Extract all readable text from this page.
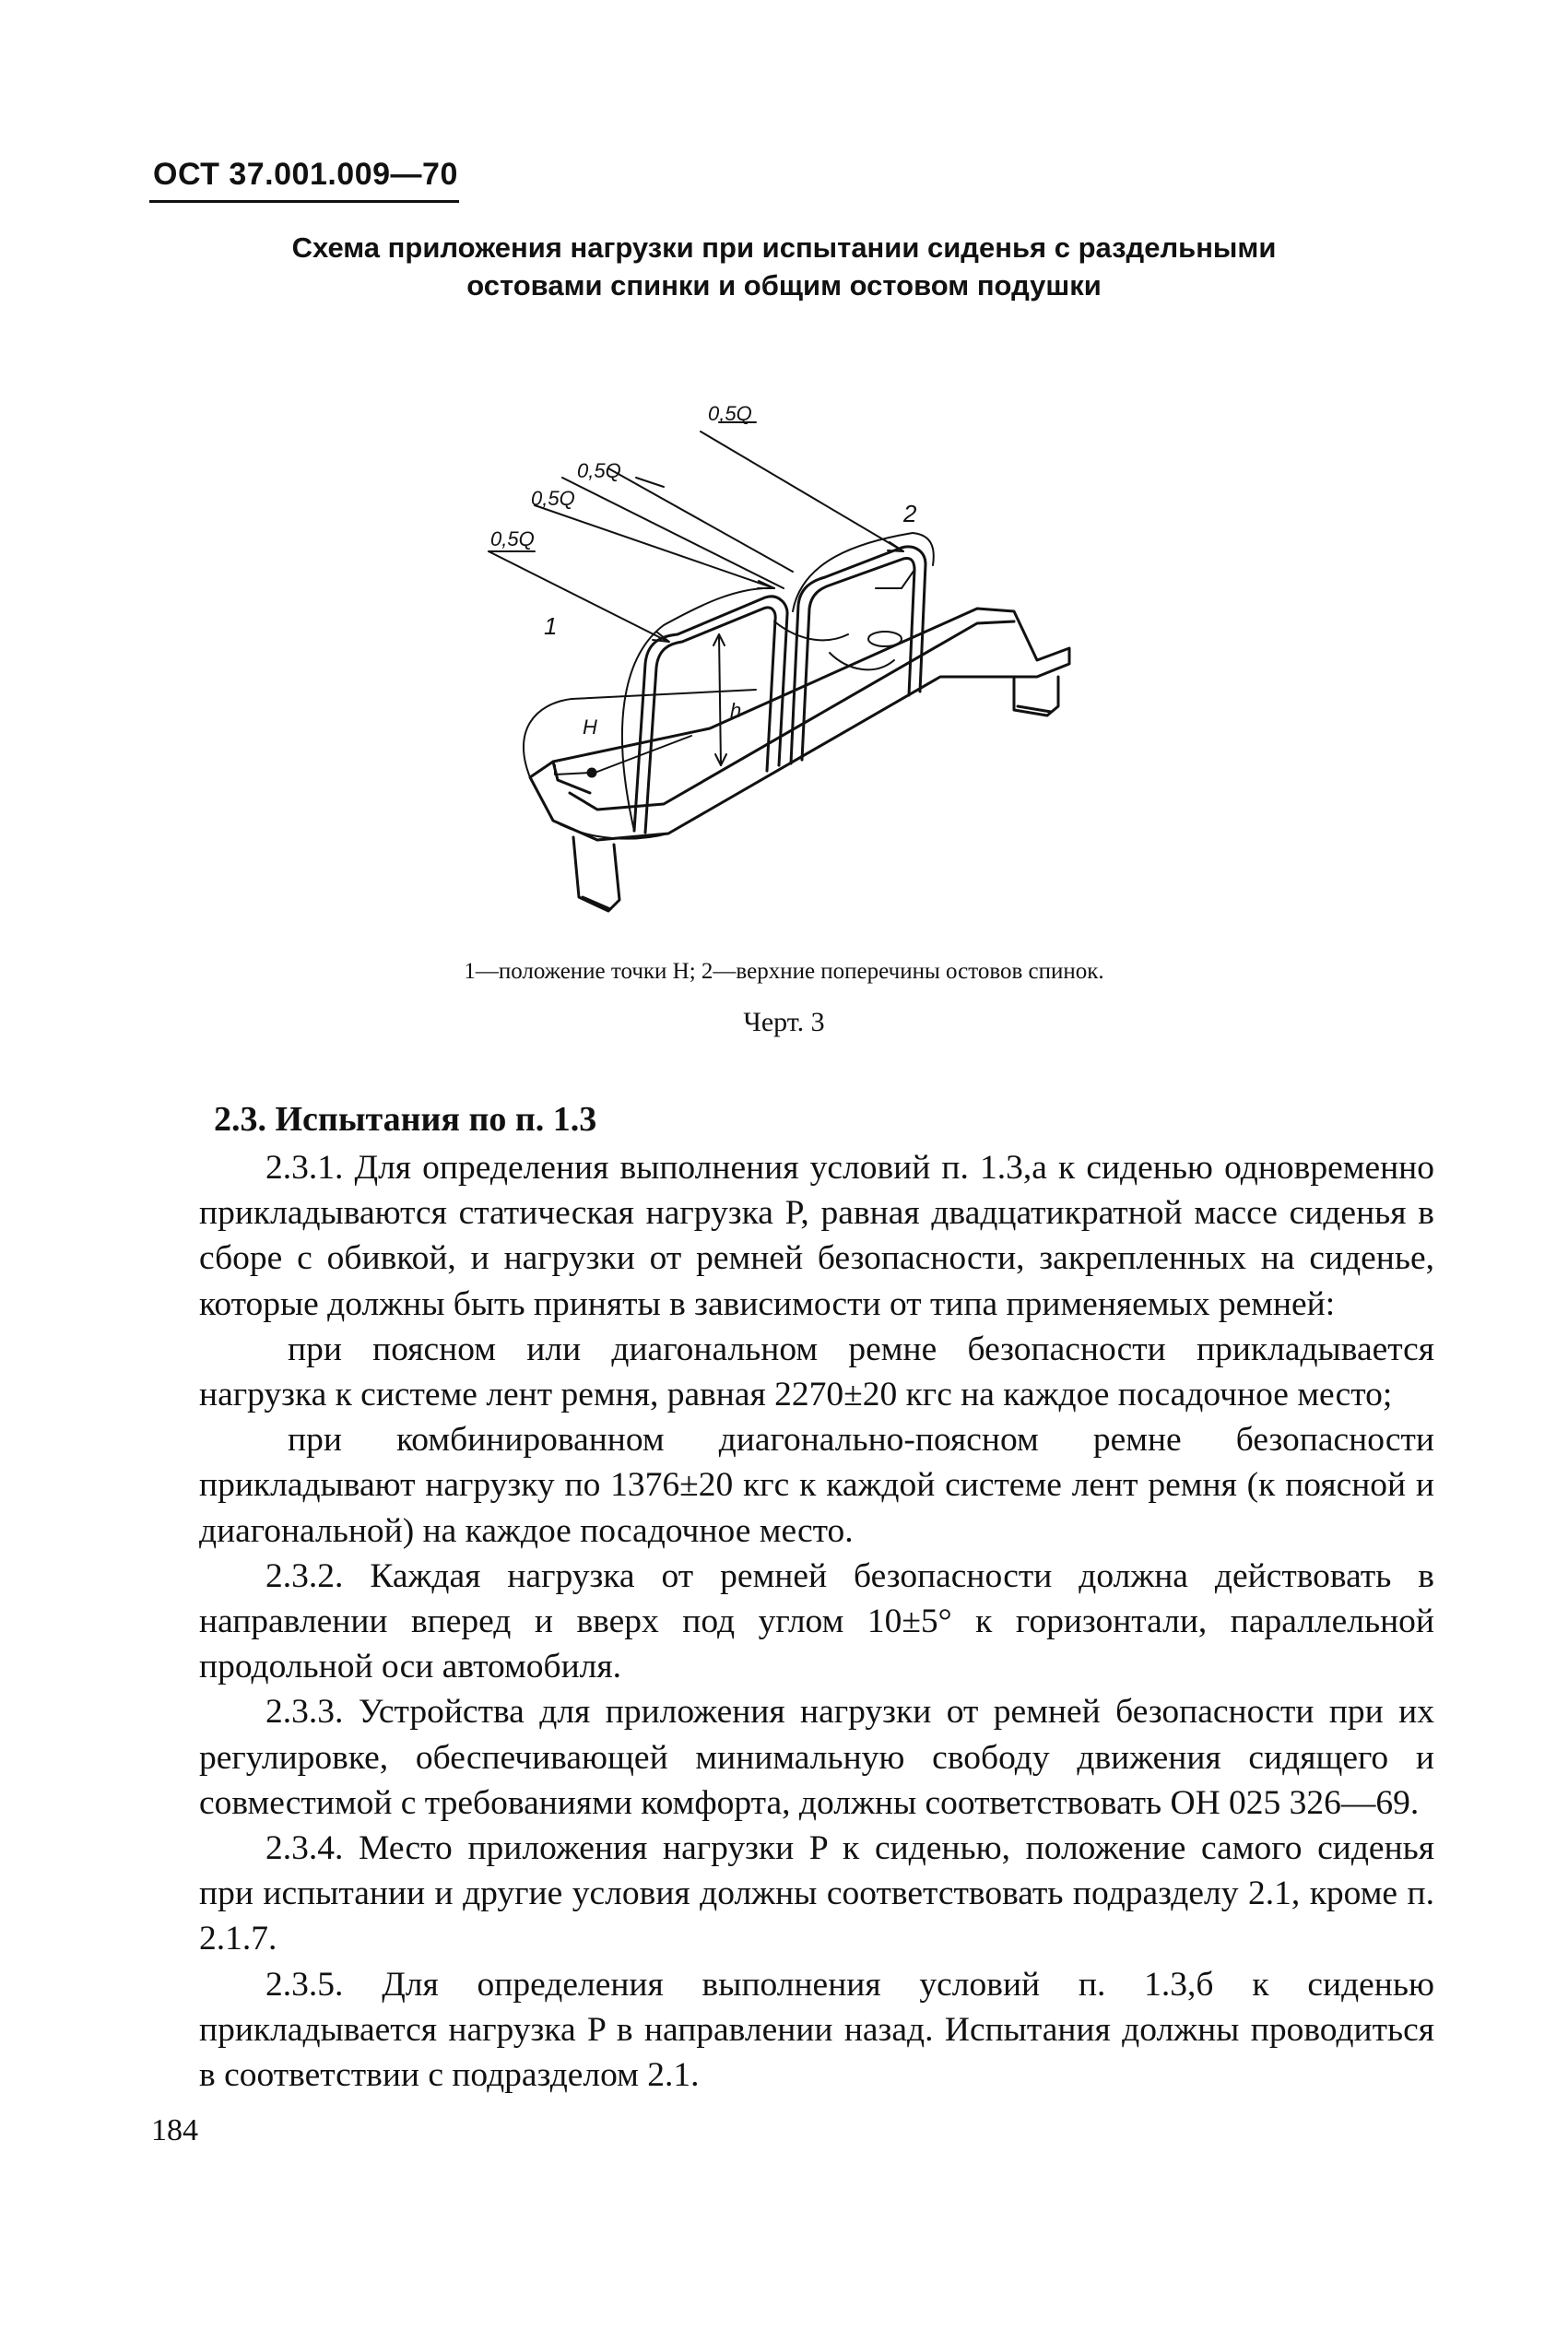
ОСТ 37.001.009—70
Схема приложения нагрузки при испытании сиденья с раздельными остовами спинки и общим остовом подушки
0,5Q
0,5Q
0,5Q
0,5Q
H
h
1
2
1—положение точки H; 2—верхние поперечины остовов спинок.
Черт. 3
2.3. Испытания по п. 1.3

2.3.1. Для определения выполнения условий п. 1.3,а к сиденью одновременно прикладываются статическая нагрузка P, равная двадцатикратной массе сиденья в сборе с обивкой, и нагрузки от ремней безопасности, закрепленных на сиденье, которые должны быть приняты в зависимости от типа применяемых ремней:

при поясном или диагональном ремне безопасности прикладывается нагрузка к системе лент ремня, равная 2270±20 кгс на каждое посадочное место;

при комбинированном диагонально-поясном ремне безопасности прикладывают нагрузку по 1376±20 кгс к каждой системе лент ремня (к поясной и диагональной) на каждое посадочное место.

2.3.2. Каждая нагрузка от ремней безопасности должна действовать в направлении вперед и вверх под углом 10±5° к горизонтали, параллельной продольной оси автомобиля.

2.3.3. Устройства для приложения нагрузки от ремней безопасности при их регулировке, обеспечивающей минимальную свободу движения сидящего и совместимой с требованиями комфорта, должны соответствовать ОН 025 326—69.

2.3.4. Место приложения нагрузки P к сиденью, положение самого сиденья при испытании и другие условия должны соответствовать подразделу 2.1, кроме п. 2.1.7.

2.3.5. Для определения выполнения условий п. 1.3,б к сиденью прикладывается нагрузка P в направлении назад. Испытания должны проводиться в соответствии с подразделом 2.1.

184
